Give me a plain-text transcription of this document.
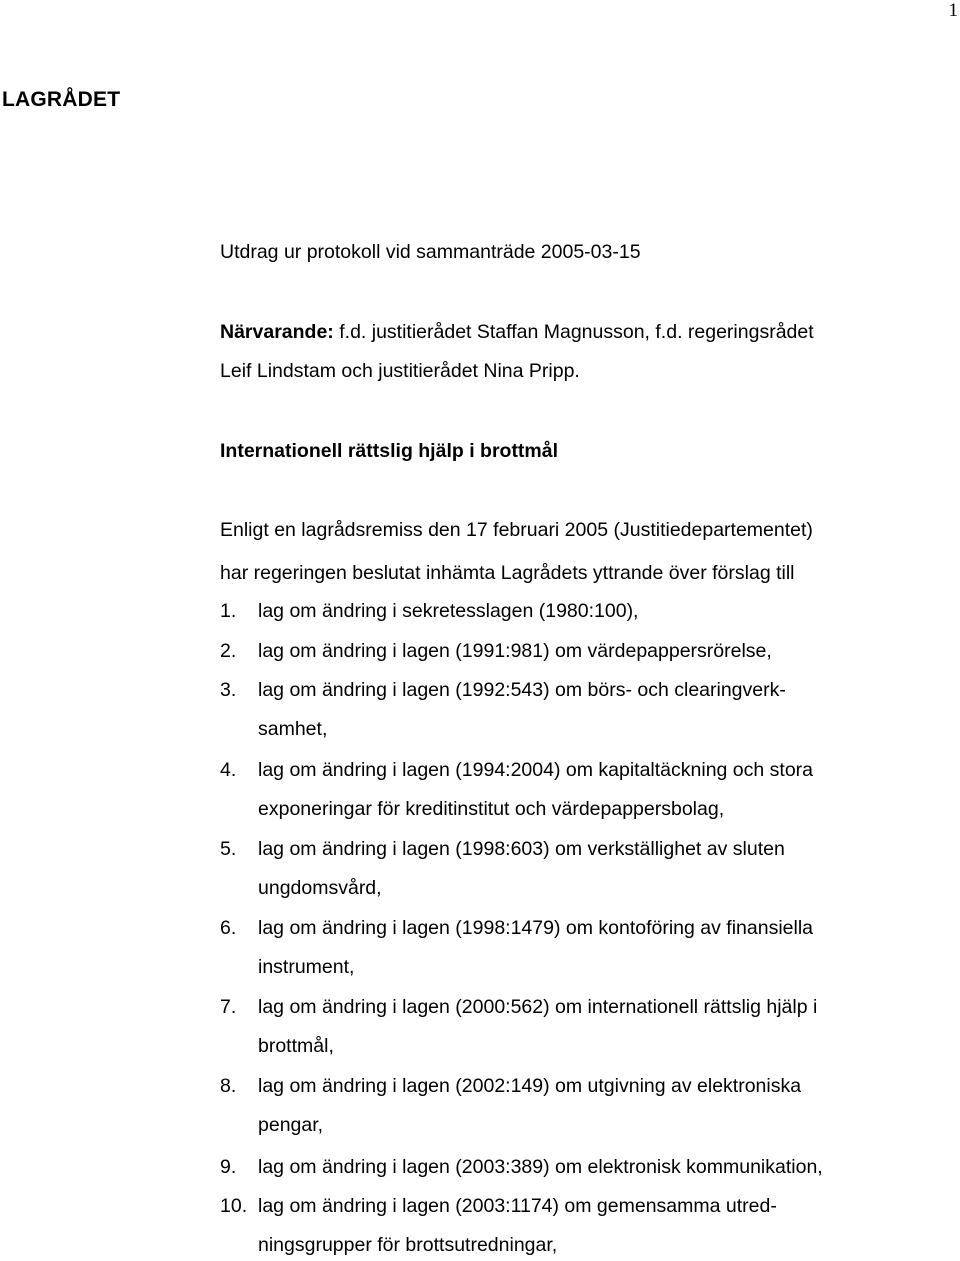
1
LAGRÅDET
Utdrag ur protokoll vid sammanträde 2005-03-15
Närvarande: f.d. justitierådet Staffan Magnusson, f.d. regeringsrådet
Leif Lindstam och justitierådet Nina Pripp.
Internationell rättslig hjälp i brottmål
Enligt en lagrådsremiss den 17 februari 2005 (Justitiedepartementet)
har regeringen beslutat inhämta Lagrådets yttrande över förslag till
1. lag om ändring i sekretesslagen (1980:100),
2. lag om ändring i lagen (1991:981) om värdepappersrörelse,
3. lag om ändring i lagen (1992:543) om börs- och clearingverk-
samhet,
4. lag om ändring i lagen (1994:2004) om kapitaltäckning och stora
exponeringar för kreditinstitut och värdepappersbolag,
5. lag om ändring i lagen (1998:603) om verkställighet av sluten
ungdomsvård,
6. lag om ändring i lagen (1998:1479) om kontoföring av finansiella
instrument,
7. lag om ändring i lagen (2000:562) om internationell rättslig hjälp i
brottmål,
8. lag om ändring i lagen (2002:149) om utgivning av elektroniska
pengar,
9. lag om ändring i lagen (2003:389) om elektronisk kommunikation,
10. lag om ändring i lagen (2003:1174) om gemensamma utred-
ningsgrupper för brottsutredningar,
